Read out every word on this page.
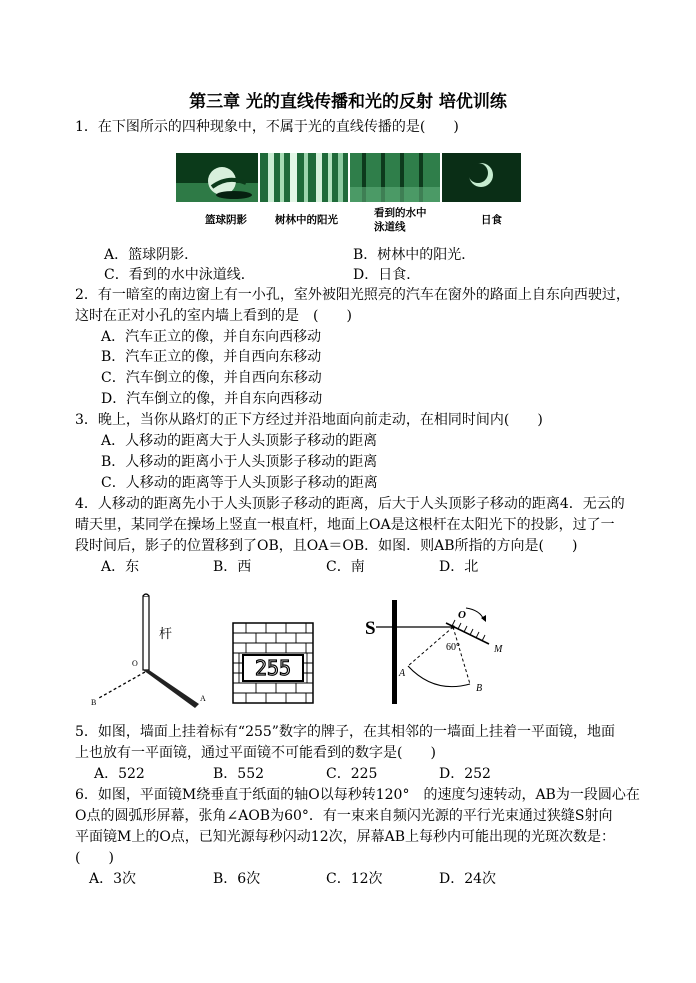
第三章 光的直线传播和光的反射 培优训练
1．在下图所示的四种现象中，不属于光的直线传播的是(　　)
篮球阴影	树林中的阳光
看到的水中
泳道线
日食
A．篮球阴影．	B．树林中的阳光．
C．看到的水中泳道线．	D．日食．
2．有一暗室的南边窗上有一小孔，室外被阳光照亮的汽车在窗外的路面上自东向西驶过，
这时在正对小孔的室内墙上看到的是　(　　)
A．汽车正立的像，并自东向西移动
B．汽车正立的像，并自西向东移动
C．汽车倒立的像，并自西向东移动
D．汽车倒立的像，并自东向西移动
3．晚上，当你从路灯的正下方经过并沿地面向前走动，在相同时间内(　　)
A．人移动的距离大于人头顶影子移动的距离
B．人移动的距离小于人头顶影子移动的距离
C．人移动的距离等于人头顶影子移动的距离
4．人移动的距离先小于人头顶影子移动的距离，后大于人头顶影子移动的距离4．无云的
晴天里，某同学在操场上竖直一根直杆，地面上OA是这根杆在太阳光下的投影，过了一
段时间后，影子的位置移到了OB，且OA＝OB．如图．则AB所指的方向是(　　)
A．东	B．西	C．南	D．北
杆
O
A
B
255
S
O
M
60°
A
B
5．如图，墙面上挂着标有“255”数字的牌子，在其相邻的一墙面上挂着一平面镜，地面
上也放有一平面镜，通过平面镜不可能看到的数字是(　　)
A．522	B．552	C．225	D．252
6．如图，平面镜M绕垂直于纸面的轴O以每秒转120°　的速度匀速转动，AB为一段圆心在
O点的圆弧形屏幕，张角∠AOB为60°．有一束来自频闪光源的平行光束通过狭缝S射向
平面镜M上的O点，已知光源每秒闪动12次，屏幕AB上每秒内可能出现的光斑次数是：
(　　)
A．3次	B．6次	C．12次	D．24次
